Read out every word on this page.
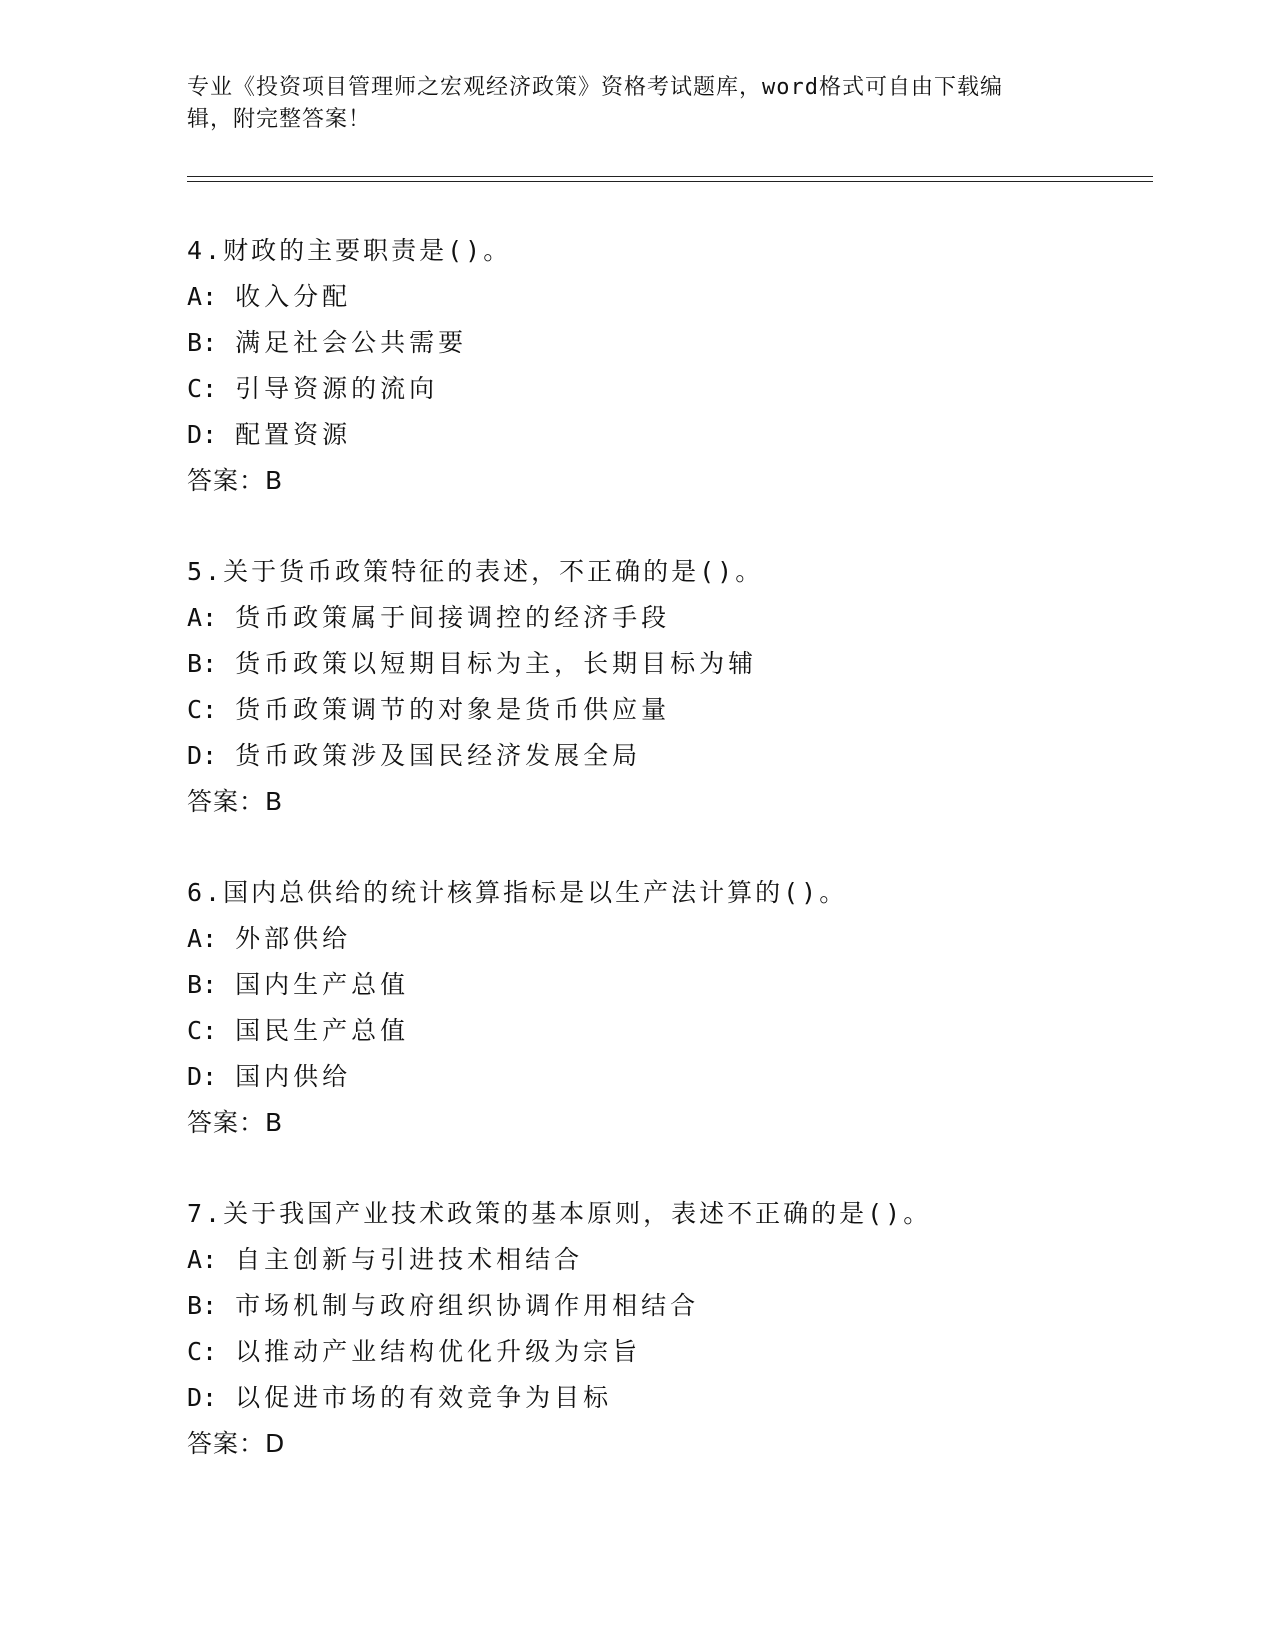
专业《投资项目管理师之宏观经济政策》资格考试题库，word格式可自由下载编
辑，附完整答案！
4.财政的主要职责是()。
A: 收入分配
B: 满足社会公共需要
C: 引导资源的流向
D: 配置资源
答案：B
5.关于货币政策特征的表述，不正确的是()。
A: 货币政策属于间接调控的经济手段
B: 货币政策以短期目标为主，长期目标为辅
C: 货币政策调节的对象是货币供应量
D: 货币政策涉及国民经济发展全局
答案：B
6.国内总供给的统计核算指标是以生产法计算的()。
A: 外部供给
B: 国内生产总值
C: 国民生产总值
D: 国内供给
答案：B
7.关于我国产业技术政策的基本原则，表述不正确的是()。
A: 自主创新与引进技术相结合
B: 市场机制与政府组织协调作用相结合
C: 以推动产业结构优化升级为宗旨
D: 以促进市场的有效竞争为目标
答案：D
